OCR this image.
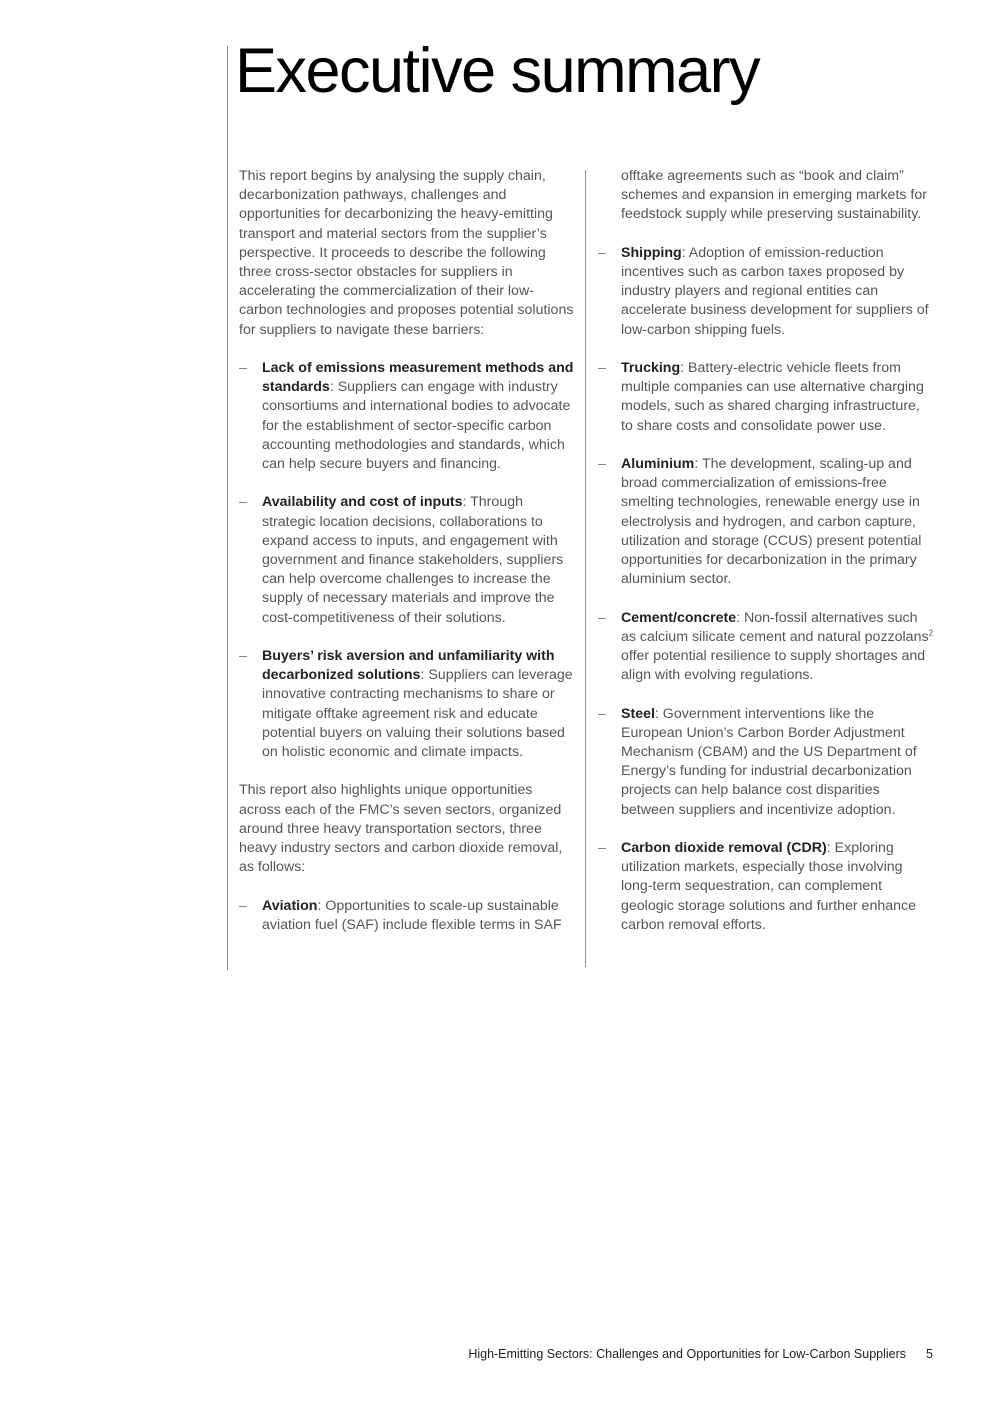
Executive summary

This report begins by analysing the supply chain, decarbonization pathways, challenges and opportunities for decarbonizing the heavy-emitting transport and material sectors from the supplier’s perspective. It proceeds to describe the following three cross-sector obstacles for suppliers in accelerating the commercialization of their low-carbon technologies and proposes potential solutions for suppliers to navigate these barriers:

– Lack of emissions measurement methods and standards: Suppliers can engage with industry consortiums and international bodies to advocate for the establishment of sector-specific carbon accounting methodologies and standards, which can help secure buyers and financing.
– Availability and cost of inputs: Through strategic location decisions, collaborations to expand access to inputs, and engagement with government and finance stakeholders, suppliers can help overcome challenges to increase the supply of necessary materials and improve the cost-competitiveness of their solutions.
– Buyers’ risk aversion and unfamiliarity with decarbonized solutions: Suppliers can leverage innovative contracting mechanisms to share or mitigate offtake agreement risk and educate potential buyers on valuing their solutions based on holistic economic and climate impacts.

This report also highlights unique opportunities across each of the FMC’s seven sectors, organized around three heavy transportation sectors, three heavy industry sectors and carbon dioxide removal, as follows:

– Aviation: Opportunities to scale-up sustainable aviation fuel (SAF) include flexible terms in SAF

offtake agreements such as “book and claim” schemes and expansion in emerging markets for feedstock supply while preserving sustainability.

– Shipping: Adoption of emission-reduction incentives such as carbon taxes proposed by industry players and regional entities can accelerate business development for suppliers of low-carbon shipping fuels.
– Trucking: Battery-electric vehicle fleets from multiple companies can use alternative charging models, such as shared charging infrastructure, to share costs and consolidate power use.
– Aluminium: The development, scaling-up and broad commercialization of emissions-free smelting technologies, renewable energy use in electrolysis and hydrogen, and carbon capture, utilization and storage (CCUS) present potential opportunities for decarbonization in the primary aluminium sector.
– Cement/concrete: Non-fossil alternatives such as calcium silicate cement and natural pozzolans$^2$ offer potential resilience to supply shortages and align with evolving regulations.
– Steel: Government interventions like the European Union’s Carbon Border Adjustment Mechanism (CBAM) and the US Department of Energy’s funding for industrial decarbonization projects can help balance cost disparities between suppliers and incentivize adoption.
– Carbon dioxide removal (CDR): Exploring utilization markets, especially those involving long-term sequestration, can complement geologic storage solutions and further enhance carbon removal efforts.
High-Emitting Sectors: Challenges and Opportunities for Low-Carbon Suppliers 5
